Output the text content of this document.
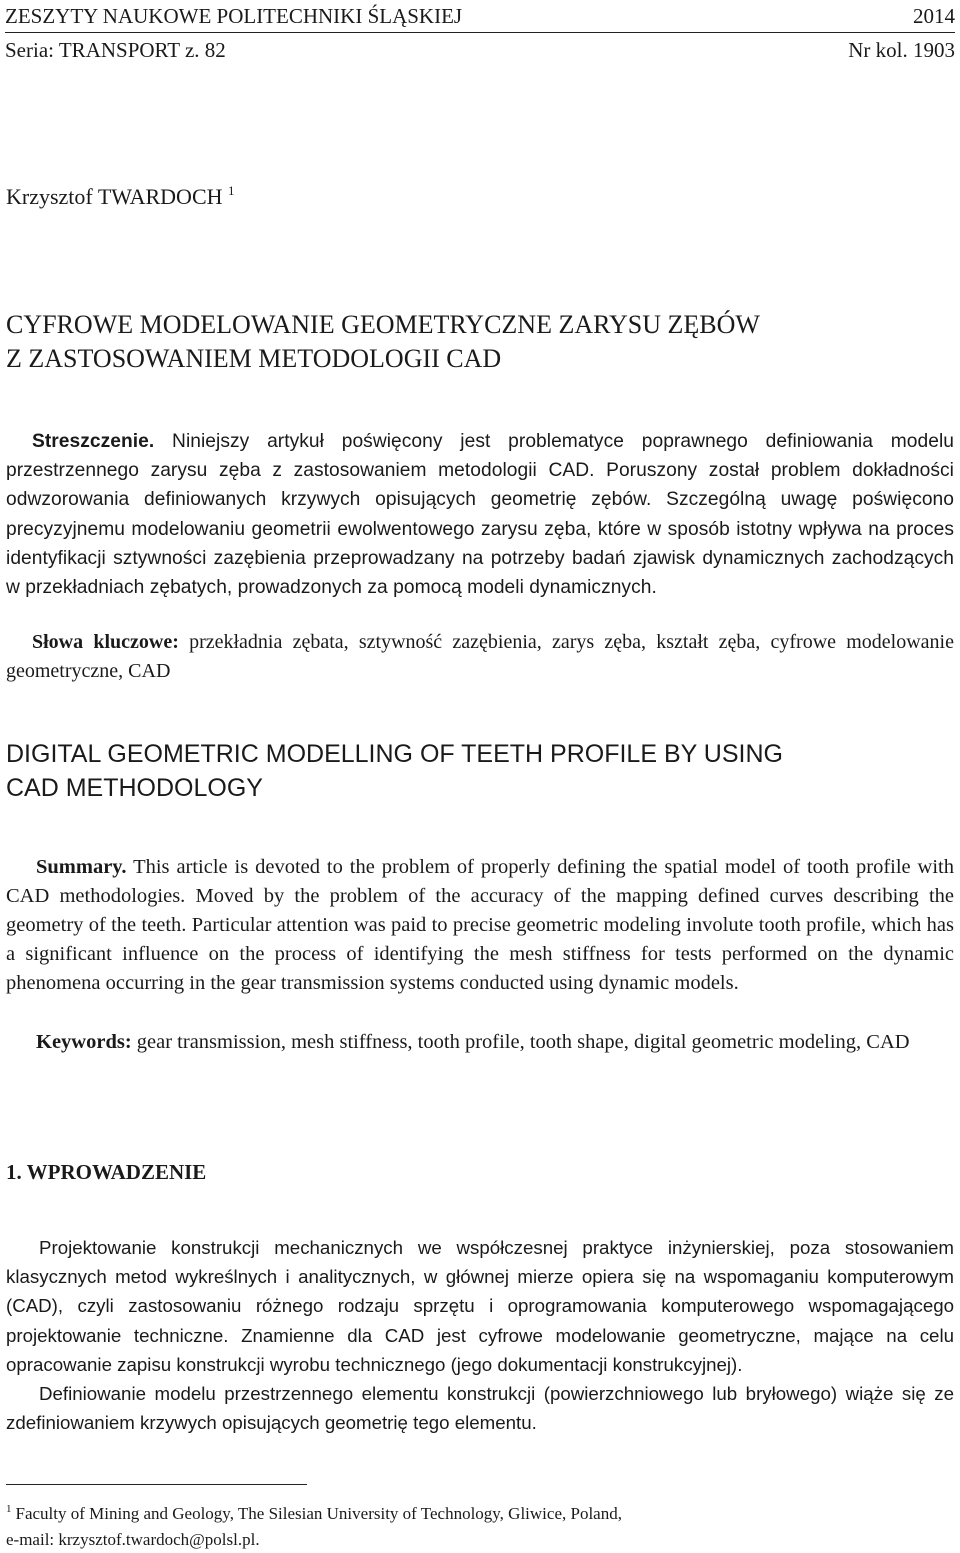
ZESZYTY NAUKOWE POLITECHNIKI ŚLĄSKIEJ	2014
Seria: TRANSPORT z. 82	Nr kol. 1903
Krzysztof TWARDOCH $^1$
CYFROWE MODELOWANIE GEOMETRYCZNE ZARYSU ZĘBÓW
Z ZASTOSOWANIEM METODOLOGII CAD
Streszczenie. Niniejszy artykuł poświęcony jest problematyce poprawnego definiowania modelu przestrzennego zarysu zęba z zastosowaniem metodologii CAD. Poruszony został problem dokładności odwzorowania definiowanych krzywych opisujących geometrię zębów. Szczególną uwagę poświęcono precyzyjnemu modelowaniu geometrii ewolwentowego zarysu zęba, które w sposób istotny wpływa na proces identyfikacji sztywności zazębienia przeprowadzany na potrzeby badań zjawisk dynamicznych zachodzących w przekładniach zębatych, prowadzonych za pomocą modeli dynamicznych.
Słowa kluczowe: przekładnia zębata, sztywność zazębienia, zarys zęba, kształt zęba, cyfrowe modelowanie geometryczne, CAD
DIGITAL GEOMETRIC MODELLING OF TEETH PROFILE BY USING
CAD METHODOLOGY
Summary. This article is devoted to the problem of properly defining the spatial model of tooth profile with CAD methodologies. Moved by the problem of the accuracy of the mapping defined curves describing the geometry of the teeth. Particular attention was paid to precise geometric modeling involute tooth profile, which has a significant influence on the process of identifying the mesh stiffness for tests performed on the dynamic phenomena occurring in the gear transmission systems conducted using dynamic models.
Keywords: gear transmission, mesh stiffness, tooth profile, tooth shape, digital geometric modeling, CAD
1. WPROWADZENIE

Projektowanie konstrukcji mechanicznych we współczesnej praktyce inżynierskiej, poza stosowaniem klasycznych metod wykreślnych i analitycznych, w głównej mierze opiera się na wspomaganiu komputerowym (CAD), czyli zastosowaniu różnego rodzaju sprzętu i oprogramowania komputerowego wspomagającego projektowanie techniczne. Znamienne dla CAD jest cyfrowe modelowanie geometryczne, mające na celu opracowanie zapisu konstrukcji wyrobu technicznego (jego dokumentacji konstrukcyjnej).

Definiowanie modelu przestrzennego elementu konstrukcji (powierzchniowego lub bryłowego) wiąże się ze zdefiniowaniem krzywych opisujących geometrię tego elementu.

$^1$ Faculty of Mining and Geology, The Silesian University of Technology, Gliwice, Poland,
e-mail: krzysztof.twardoch@polsl.pl.
